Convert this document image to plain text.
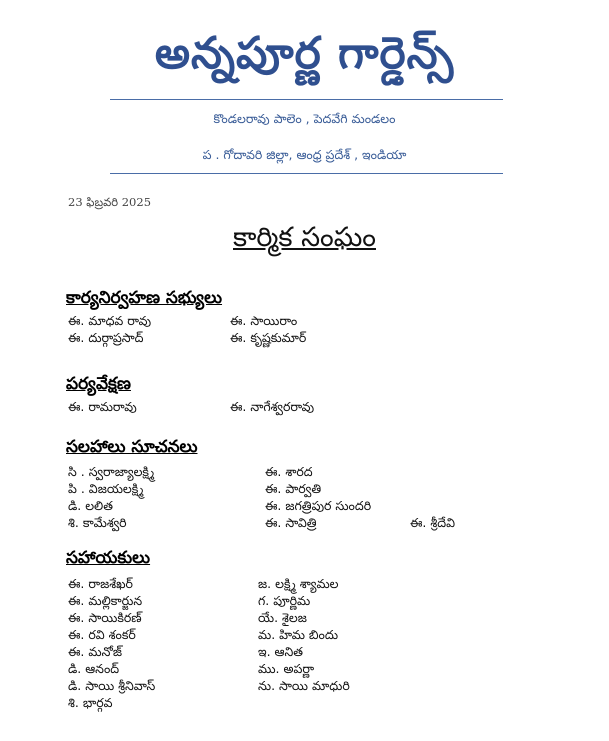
అన్నపూర్ణ గార్డెన్స్
కొండలరావు పాలెం , పెదవేగి మండలం
ప . గోదావరి జిల్లా, ఆంధ్ర ప్రదేశ్ , ఇండియా
23 ఫిబ్రవరి 2025
కార్మిక సంఘం
కార్యనిర్వహణ సభ్యులు
ఈ. మాధవ రావు	ఈ. సాయిరాం
ఈ. దుర్గాప్రసాద్	ఈ. కృష్ణకుమార్
పర్యవేక్షణ
ఈ. రామరావు	ఈ. నాగేశ్వరరావు
సలహాలు సూచనలు
సి . స్వరాజ్యాలక్ష్మి	ఈ. శారద
పి . విజయలక్ష్మి	ఈ. పార్వతి
డి. లలిత	ఈ. జగత్రిపుర సుందరి
శి. కామేశ్వరి	ఈ. సావిత్రి	ఈ. శ్రీదేవి
సహాయకులు
ఈ. రాజశేఖర్	జ. లక్ష్మి శ్యామల
ఈ. మల్లికార్జున	గ. పూర్ణిమ
ఈ. సాయికిరణ్	యే. శైలజ
ఈ. రవి శంకర్	మ. హిమ బిందు
ఈ. మనోజ్	ఇ. ఆనిత
డి. ఆనంద్	ము. అపర్ణా
డి. సాయి శ్రీనివాస్	ను. సాయి మాధురి
శి. భార్గవ
